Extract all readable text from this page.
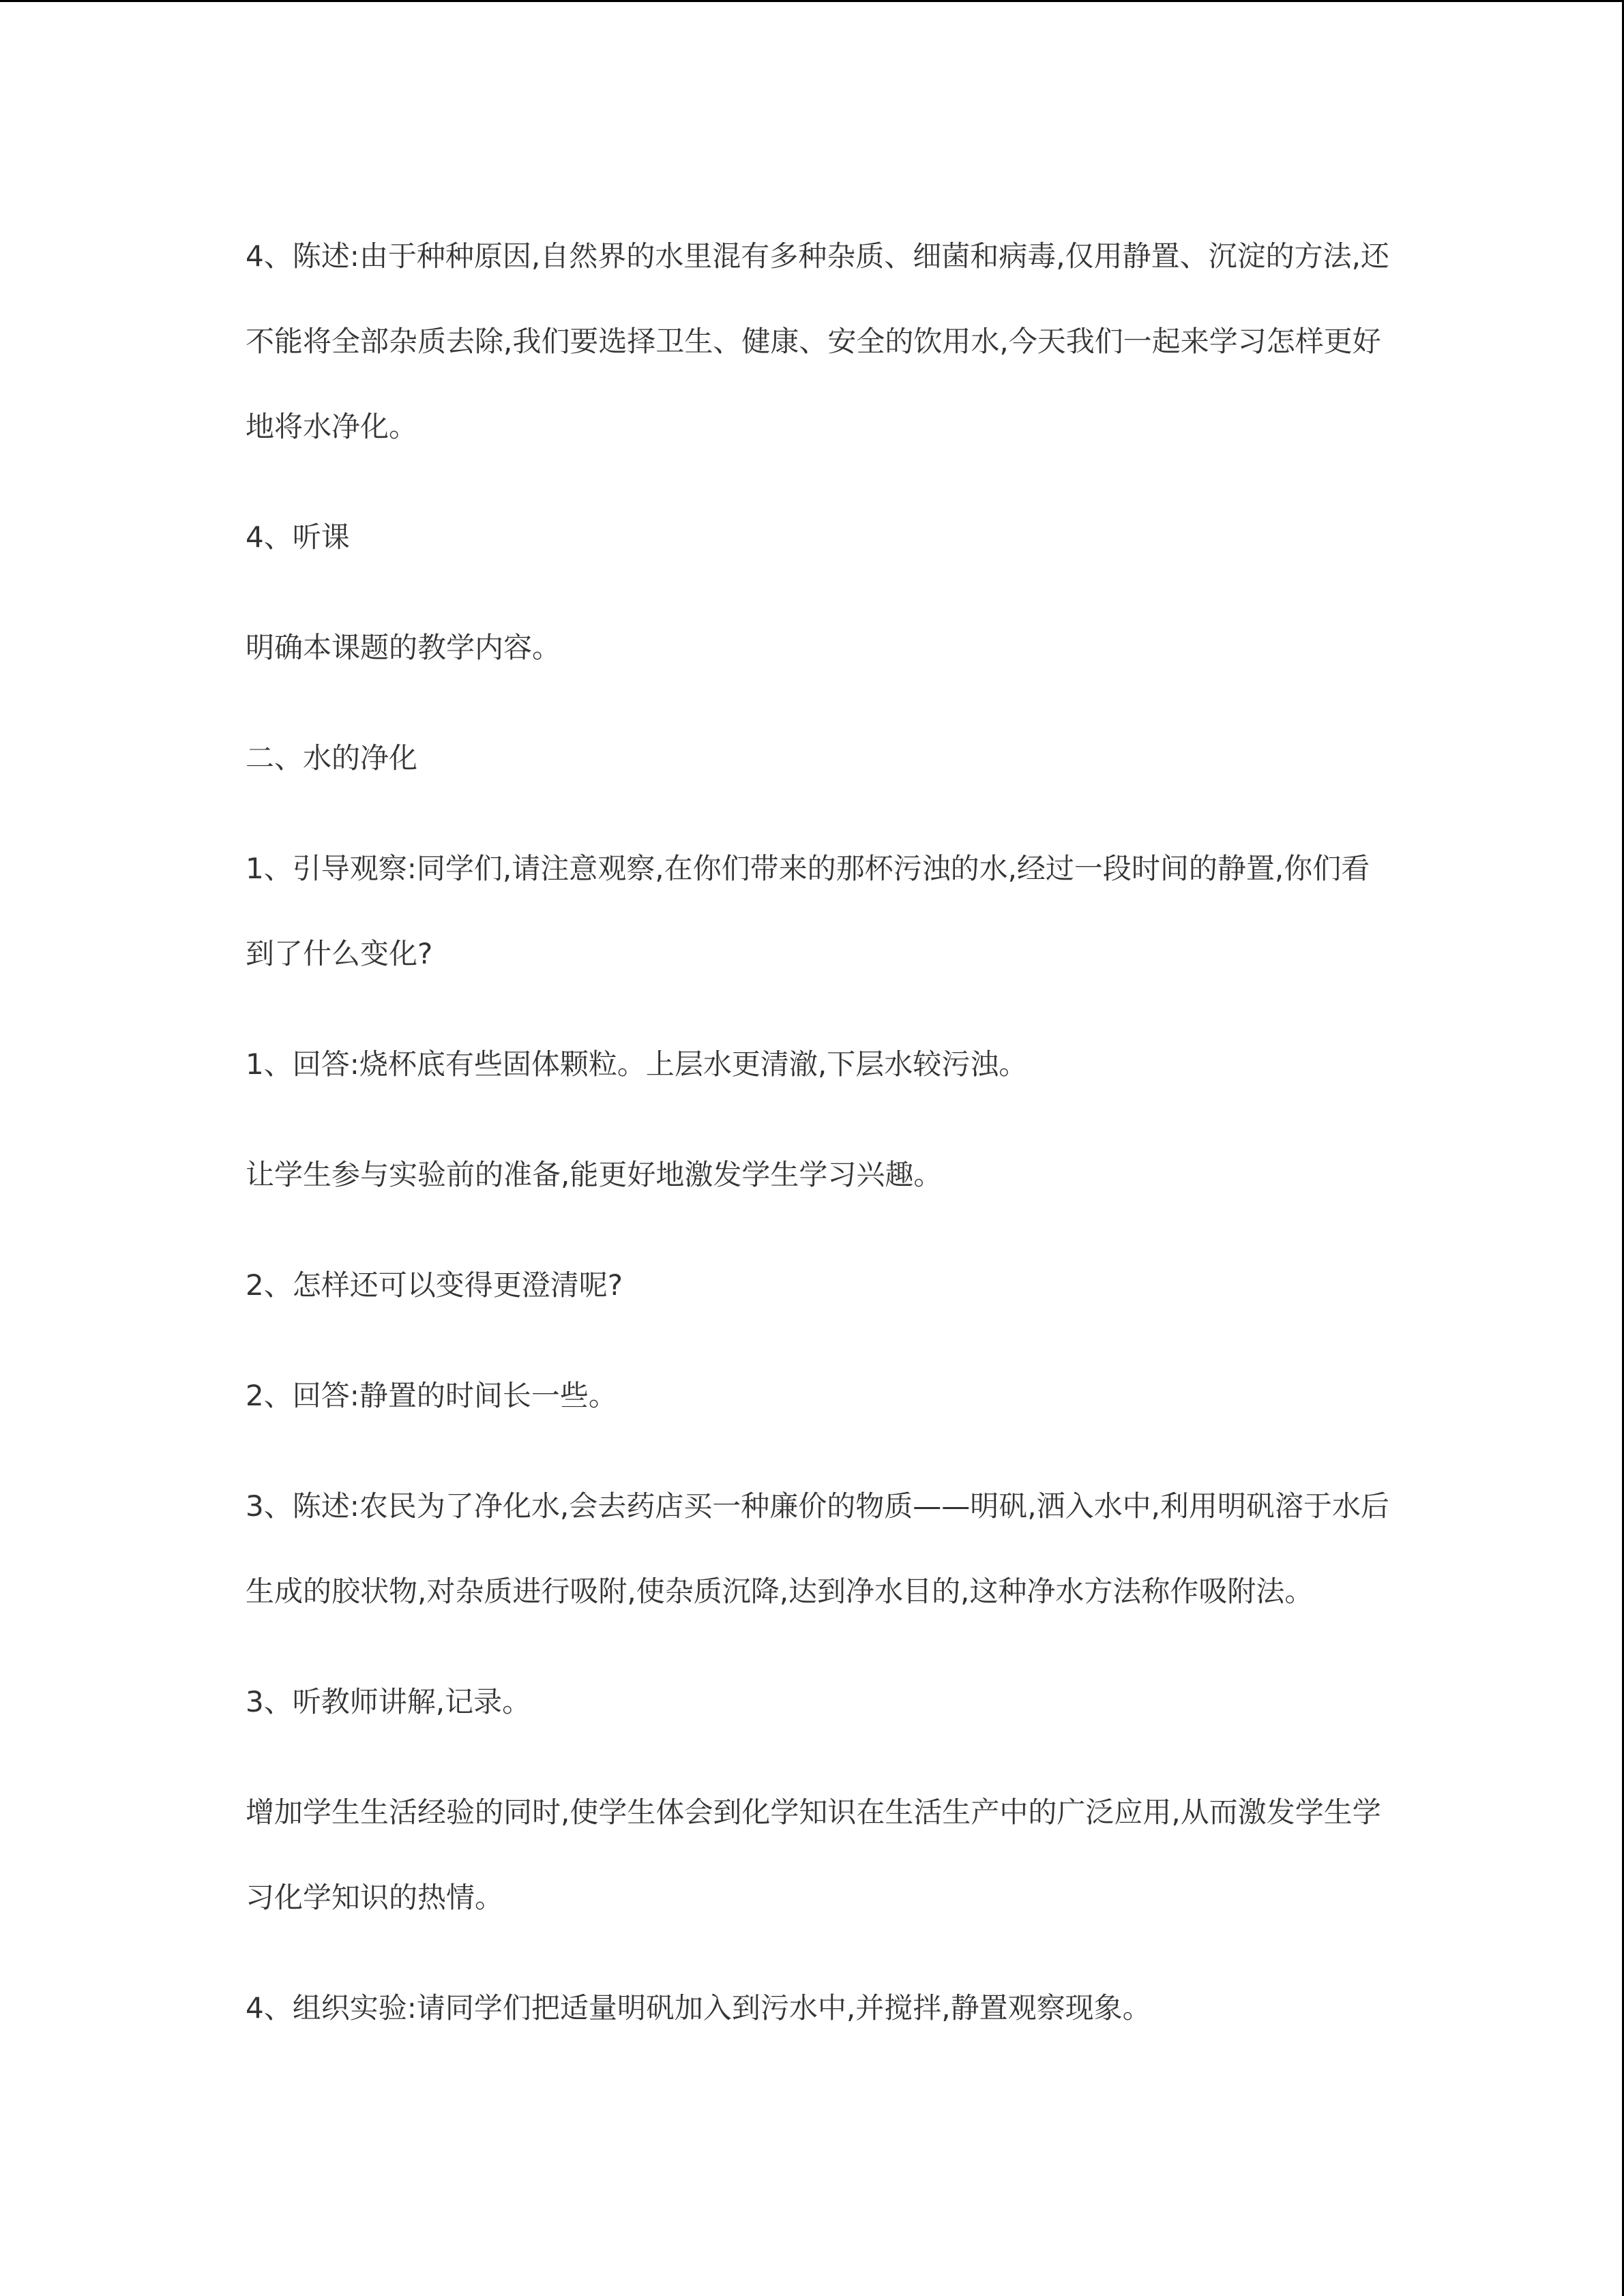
4、陈述:由于种种原因,自然界的水里混有多种杂质、细菌和病毒,仅用静置、沉淀的方法,还不能将全部杂质去除,我们要选择卫生、健康、安全的饮用水,今天我们一起来学习怎样更好地将水净化。

4、听课

明确本课题的教学内容。

二、水的净化

1、引导观察:同学们,请注意观察,在你们带来的那杯污浊的水,经过一段时间的静置,你们看到了什么变化?

1、回答:烧杯底有些固体颗粒。上层水更清澈,下层水较污浊。

让学生参与实验前的准备,能更好地激发学生学习兴趣。

2、怎样还可以变得更澄清呢?

2、回答:静置的时间长一些。

3、陈述:农民为了净化水,会去药店买一种廉价的物质——明矾,洒入水中,利用明矾溶于水后生成的胶状物,对杂质进行吸附,使杂质沉降,达到净水目的,这种净水方法称作吸附法。

3、听教师讲解,记录。

增加学生生活经验的同时,使学生体会到化学知识在生活生产中的广泛应用,从而激发学生学习化学知识的热情。

4、组织实验:请同学们把适量明矾加入到污水中,并搅拌,静置观察现象。
